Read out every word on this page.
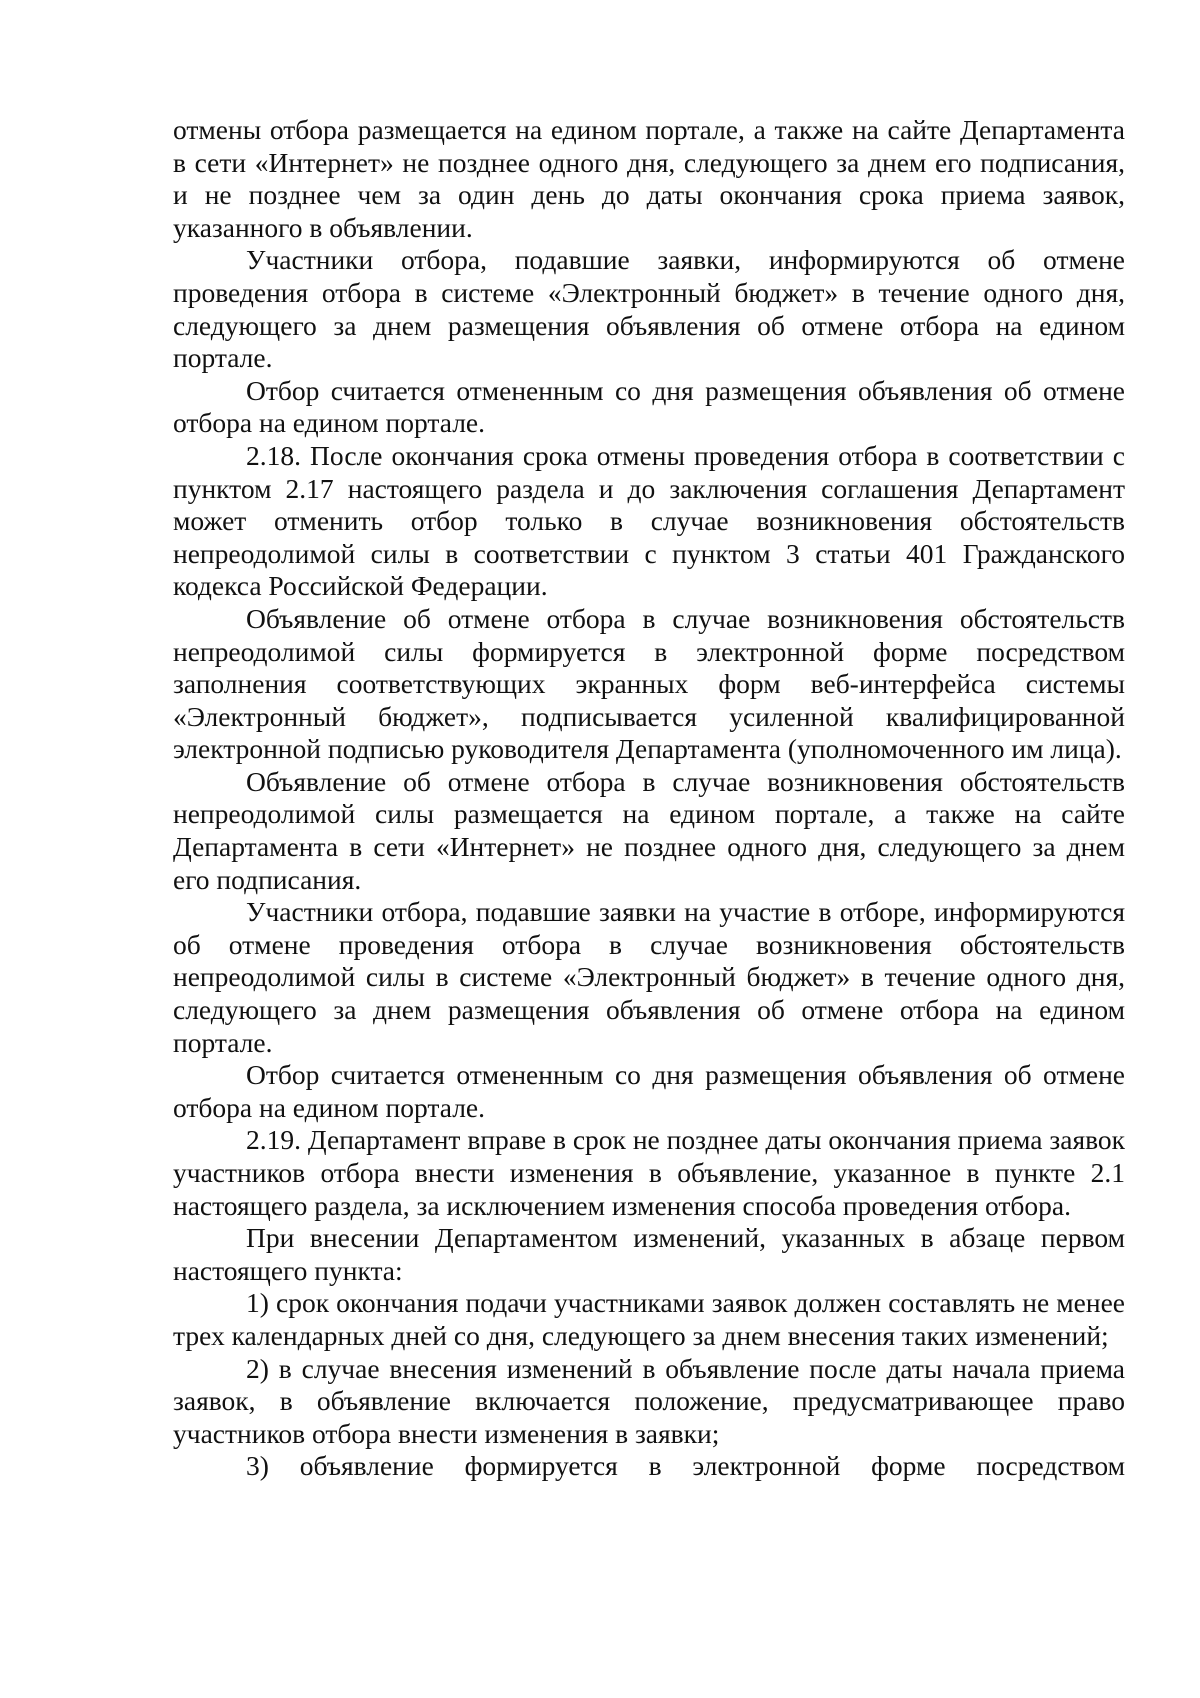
отмены отбора размещается на едином портале, а также на сайте Департамента в сети «Интернет» не позднее одного дня, следующего за днем его подписания, и не позднее чем за один день до даты окончания срока приема заявок, указанного в объявлении.

Участники отбора, подавшие заявки, информируются об отмене проведения отбора в системе «Электронный бюджет» в течение одного дня, следующего за днем размещения объявления об отмене отбора на едином портале.

Отбор считается отмененным со дня размещения объявления об отмене отбора на едином портале.

2.18. После окончания срока отмены проведения отбора в соответствии с пунктом 2.17 настоящего раздела и до заключения соглашения Департамент может отменить отбор только в случае возникновения обстоятельств непреодолимой силы в соответствии с пунктом 3 статьи 401 Гражданского кодекса Российской Федерации.

Объявление об отмене отбора в случае возникновения обстоятельств непреодолимой силы формируется в электронной форме посредством заполнения соответствующих экранных форм веб-интерфейса системы «Электронный бюджет», подписывается усиленной квалифицированной электронной подписью руководителя Департамента (уполномоченного им лица).

Объявление об отмене отбора в случае возникновения обстоятельств непреодолимой силы размещается на едином портале, а также на сайте Департамента в сети «Интернет» не позднее одного дня, следующего за днем его подписания.

Участники отбора, подавшие заявки на участие в отборе, информируются об отмене проведения отбора в случае возникновения обстоятельств непреодолимой силы в системе «Электронный бюджет» в течение одного дня, следующего за днем размещения объявления об отмене отбора на едином портале.

Отбор считается отмененным со дня размещения объявления об отмене отбора на едином портале.

2.19. Департамент вправе в срок не позднее даты окончания приема заявок участников отбора внести изменения в объявление, указанное в пункте 2.1 настоящего раздела, за исключением изменения способа проведения отбора.

При внесении Департаментом изменений, указанных в абзаце первом настоящего пункта:

1) срок окончания подачи участниками заявок должен составлять не менее трех календарных дней со дня, следующего за днем внесения таких изменений;

2) в случае внесения изменений в объявление после даты начала приема заявок, в объявление включается положение, предусматривающее право участников отбора внести изменения в заявки;

3) объявление формируется в электронной форме посредством
